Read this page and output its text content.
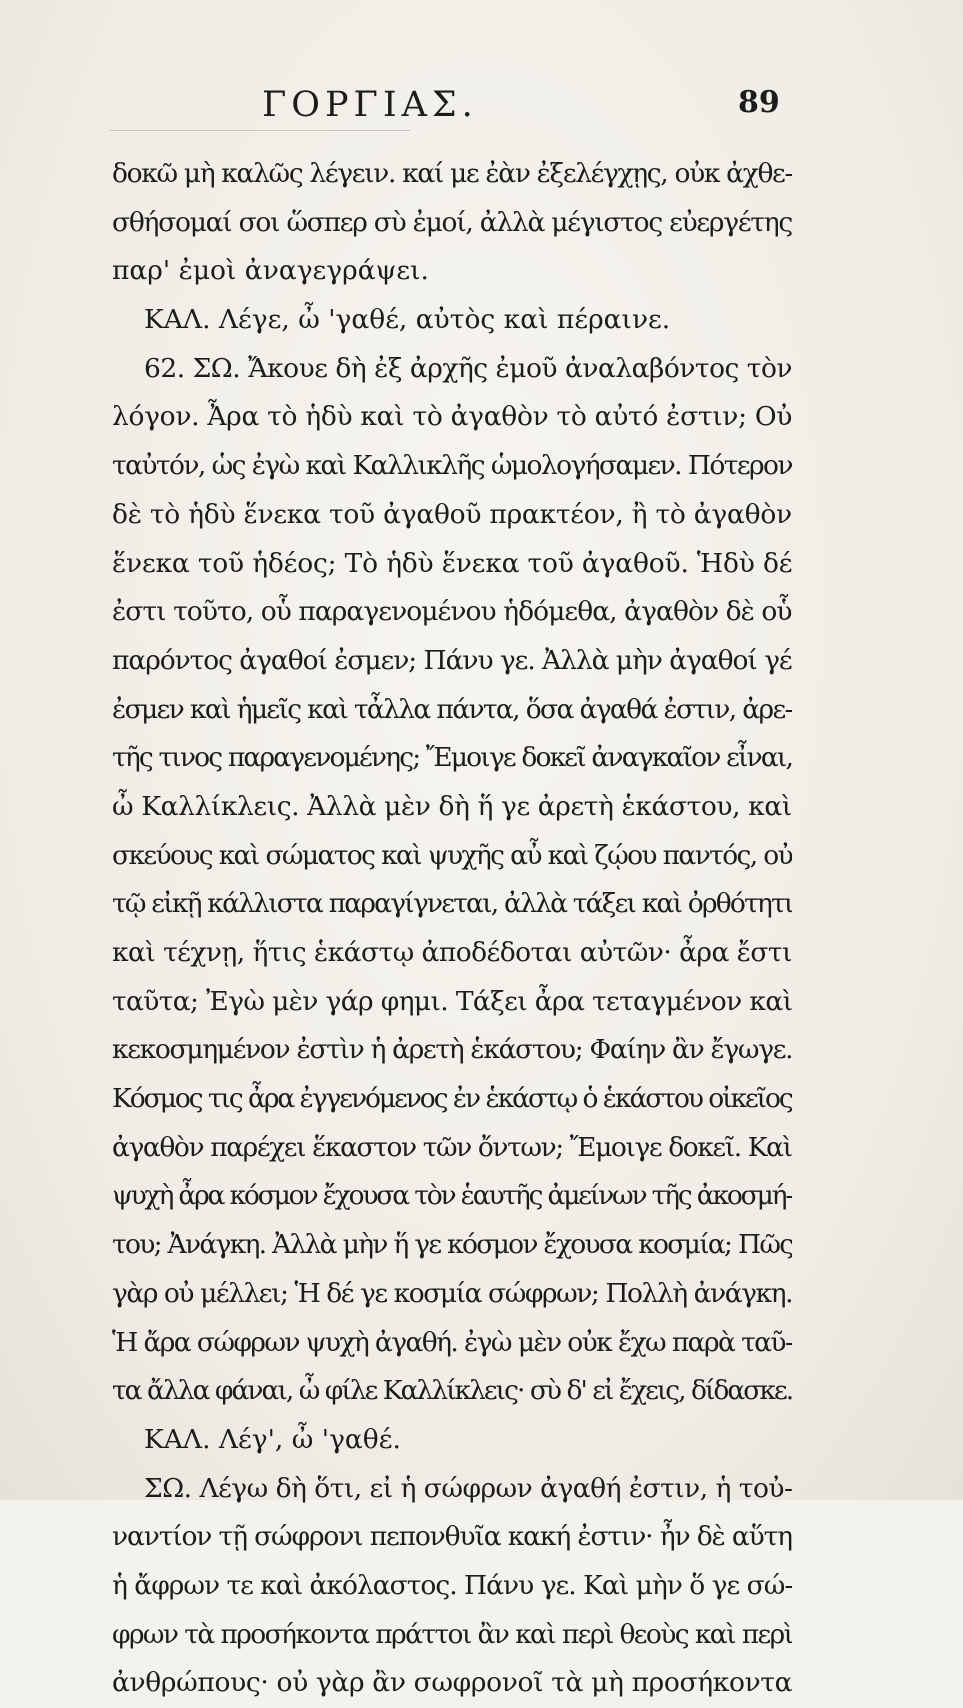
ΓΟΡΓΙΑΣ.	89
δοκῶ μὴ καλῶς λέγειν. καί με ἐὰν ἐξελέγχῃς, οὐκ ἀχθε-
σθήσομαί σοι ὥσπερ σὺ ἐμοί, ἀλλὰ μέγιστος εὐεργέτης
παρ' ἐμοὶ ἀναγεγράψει.
ΚΑΛ. Λέγε, ὦ 'γαθέ, αὐτὸς καὶ πέραινε.
62. ΣΩ. Ἄκουε δὴ ἐξ ἀρχῆς ἐμοῦ ἀναλαβόντος τὸν
λόγον. Ἆρα τὸ ἡδὺ καὶ τὸ ἀγαθὸν τὸ αὐτό ἐστιν; Οὐ
ταὐτόν, ὡς ἐγὼ καὶ Καλλικλῆς ὡμολογήσαμεν. Πότερον
δὲ τὸ ἡδὺ ἕνεκα τοῦ ἀγαθοῦ πρακτέον, ἢ τὸ ἀγαθὸν
ἕνεκα τοῦ ἡδέος; Τὸ ἡδὺ ἕνεκα τοῦ ἀγαθοῦ. Ἡδὺ δέ
ἐστι τοῦτο, οὗ παραγενομένου ἡδόμεθα, ἀγαθὸν δὲ οὗ
παρόντος ἀγαθοί ἐσμεν; Πάνυ γε. Ἀλλὰ μὴν ἀγαθοί γέ
ἐσμεν καὶ ἡμεῖς καὶ τἆλλα πάντα, ὅσα ἀγαθά ἐστιν, ἀρε-
τῆς τινος παραγενομένης; Ἔμοιγε δοκεῖ ἀναγκαῖον εἶναι,
ὦ Καλλίκλεις. Ἀλλὰ μὲν δὴ ἥ γε ἀρετὴ ἑκάστου, καὶ
σκεύους καὶ σώματος καὶ ψυχῆς αὖ καὶ ζῴου παντός, οὐ
τῷ εἰκῇ κάλλιστα παραγίγνεται, ἀλλὰ τάξει καὶ ὀρθότητι
καὶ τέχνῃ, ἥτις ἑκάστῳ ἀποδέδοται αὐτῶν· ἆρα ἔστι
ταῦτα; Ἐγὼ μὲν γάρ φημι. Τάξει ἆρα τεταγμένον καὶ
κεκοσμημένον ἐστὶν ἡ ἀρετὴ ἑκάστου; Φαίην ἂν ἔγωγε.
Κόσμος τις ἆρα ἐγγενόμενος ἐν ἑκάστῳ ὁ ἑκάστου οἰκεῖος
ἀγαθὸν παρέχει ἕκαστον τῶν ὄντων; Ἔμοιγε δοκεῖ. Καὶ
ψυχὴ ἆρα κόσμον ἔχουσα τὸν ἑαυτῆς ἀμείνων τῆς ἀκοσμή-
του; Ἀνάγκη. Ἀλλὰ μὴν ἥ γε κόσμον ἔχουσα κοσμία; Πῶς
γὰρ οὐ μέλλει; Ἡ δέ γε κοσμία σώφρων; Πολλὴ ἀνάγκη.
Ἡ ἄρα σώφρων ψυχὴ ἀγαθή. ἐγὼ μὲν οὐκ ἔχω παρὰ ταῦ-
τα ἄλλα φάναι, ὦ φίλε Καλλίκλεις· σὺ δ' εἰ ἔχεις, δίδασκε.
ΚΑΛ. Λέγ', ὦ 'γαθέ.
ΣΩ. Λέγω δὴ ὅτι, εἰ ἡ σώφρων ἀγαθή ἐστιν, ἡ τοὐ-
ναντίον τῇ σώφρονι πεπονθυῖα κακή ἐστιν· ἦν δὲ αὕτη
ἡ ἄφρων τε καὶ ἀκόλαστος. Πάνυ γε. Καὶ μὴν ὅ γε σώ-
φρων τὰ προσήκοντα πράττοι ἂν καὶ περὶ θεοὺς καὶ περὶ
ἀνθρώπους· οὐ γὰρ ἂν σωφρονοῖ τὰ μὴ προσήκοντα
